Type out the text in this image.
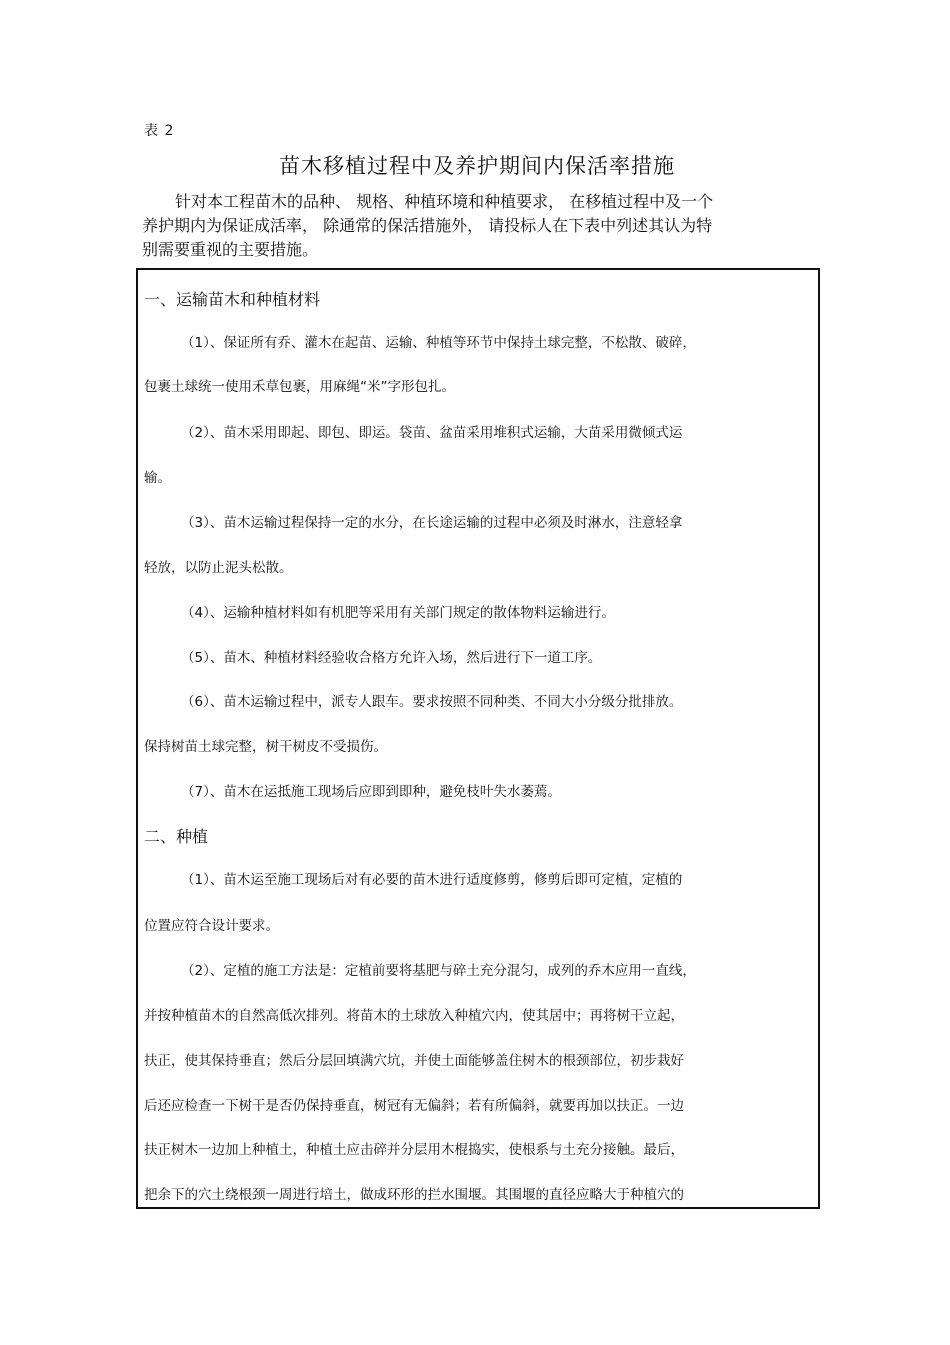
表 2
苗木移植过程中及养护期间内保活率措施

针对本工程苗木的品种、 规格、种植环境和种植要求， 在移植过程中及一个

养护期内为保证成活率， 除通常的保活措施外， 请投标人在下表中列述其认为特

别需要重视的主要措施。

一、运输苗木和种植材料
（1）、保证所有乔、灌木在起苗、运输、种植等环节中保持土球完整，不松散、破碎，
包裹土球统一使用禾草包裹，用麻绳“米”字形包扎。
（2）、苗木采用即起、即包、即运。袋苗、盆苗采用堆积式运输，大苗采用微倾式运
输。
（3）、苗木运输过程保持一定的水分，在长途运输的过程中必须及时淋水，注意轻拿
轻放，以防止泥头松散。
（4）、运输种植材料如有机肥等采用有关部门规定的散体物料运输进行。
（5）、苗木、种植材料经验收合格方允许入场，然后进行下一道工序。
（6）、苗木运输过程中，派专人跟车。要求按照不同种类、不同大小分级分批排放。
保持树苗土球完整，树干树皮不受损伤。
（7）、苗木在运抵施工现场后应即到即种，避免枝叶失水萎蔫。
二、种植
（1）、苗木运至施工现场后对有必要的苗木进行适度修剪，修剪后即可定植，定植的
位置应符合设计要求。
（2）、定植的施工方法是：定植前要将基肥与碎土充分混匀，成列的乔木应用一直线，
并按种植苗木的自然高低次排列。将苗木的土球放入种植穴内，使其居中；再将树干立起，
扶正，使其保持垂直；然后分层回填满穴坑，并使土面能够盖住树木的根颈部位，初步栽好
后还应检查一下树干是否仍保持垂直，树冠有无偏斜；若有所偏斜，就要再加以扶正。一边
扶正树木一边加上种植土，种植土应击碎并分层用木棍捣实，使根系与土充分接触。最后，
把余下的穴土绕根颈一周进行培土，做成环形的拦水围堰。其围堰的直径应略大于种植穴的
